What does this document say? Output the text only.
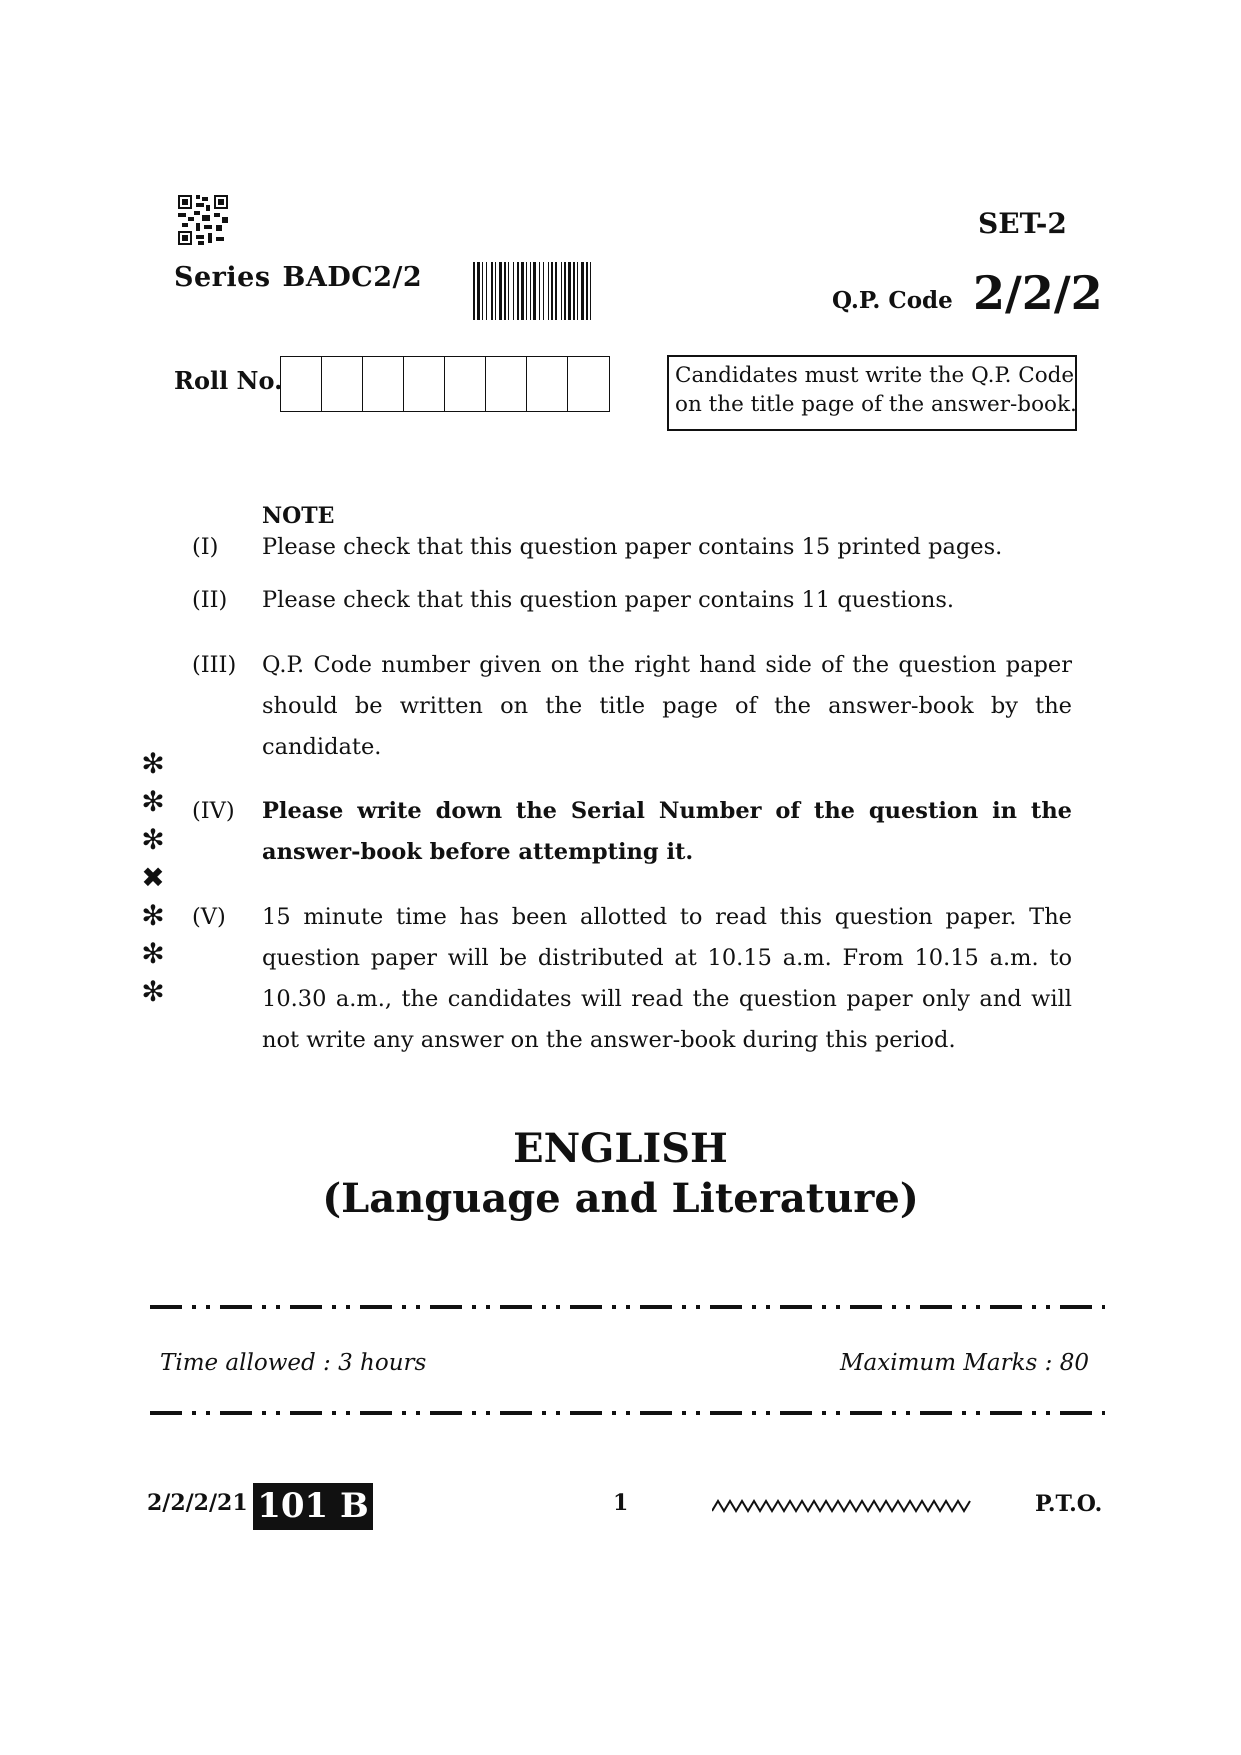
SET-2
Series BADC2/2
Q.P. Code 2/2/2
Roll No.	Candidates must write the Q.P. Code
on the title page of the answer-book.
NOTE
(I) Please check that this question paper contains 15 printed pages.
(II) Please check that this question paper contains 11 questions.
(III) Q.P. Code number given on the right hand side of the question paper
should be written on the title page of the answer-book by the
candidate.
(IV) Please write down the Serial Number of the question in the
answer-book before attempting it.
(V) 15 minute time has been allotted to read this question paper. The
question paper will be distributed at 10.15 a.m. From 10.15 a.m. to
10.30 a.m., the candidates will read the question paper only and will
not write any answer on the answer-book during this period.
✻
✻
✻
✖
✻
✻
✻
ENGLISH
(Language and Literature)
Time allowed : 3 hours	Maximum Marks : 80
2/2/2/21 101 B	1	P.T.O.
